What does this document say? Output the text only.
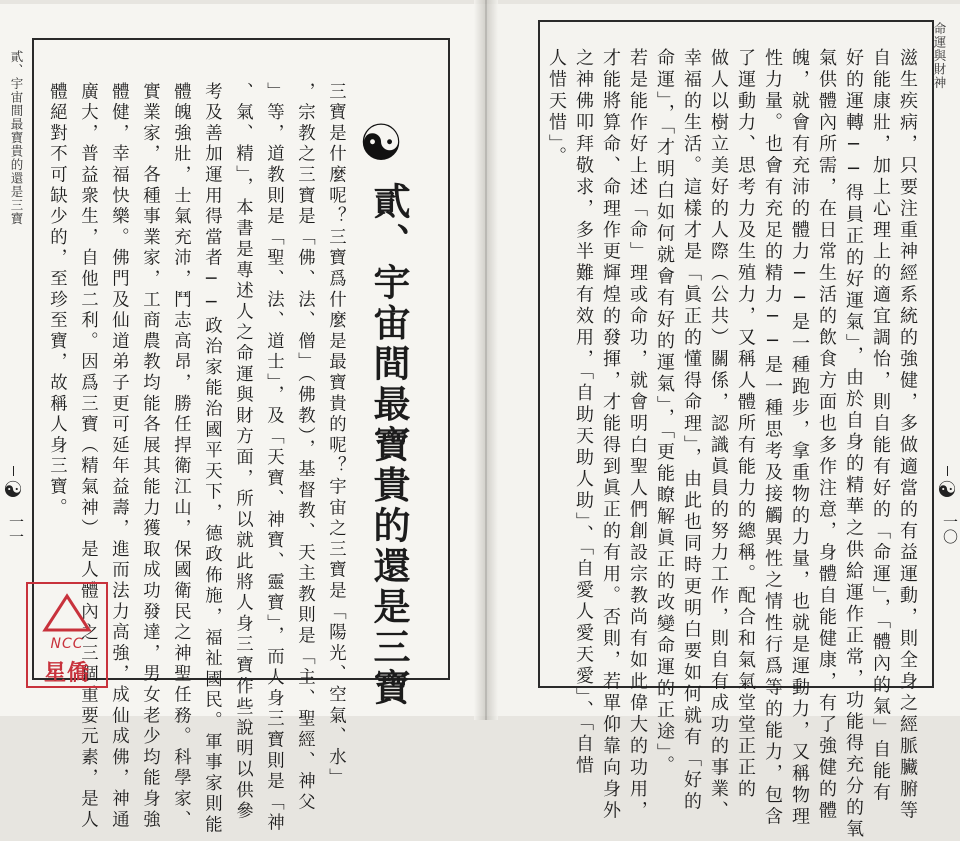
貳、宇宙間最寶貴的還是三寶	命運與財神
☯
一一
☯
一〇
三寶是什麼呢？三寶爲什麼是最寶貴的呢？宇宙之三寶是「陽光、空氣、水」
，宗教之三寶是「佛、法、僧」（佛教），基督教、天主教則是「主、聖經、神父
」等，道教則是「聖、法、道士」，及「天寶、神寶、靈寶」，而人身三寶則是「神
、氣、精」，本書是專述人之命運與財方面，所以就此將人身三寶作些說明以供參
考及善加運用得當者──政治家能治國平天下，德政佈施，福祉國民。軍事家則能
體魄強壯，士氣充沛，鬥志高昂，勝任捍衛江山，保國衛民之神聖任務。科學家、
實業家，各種事業家，工商農教均能各展其能力獲取成功發達，男女老少均能身強
體健，幸福快樂。佛門及仙道弟子更可延年益壽，進而法力高強，成仙成佛，神通
廣大，普益衆生，自他二利。因爲三寶（精氣神）是人體內之三個重要元素，是人
體絕對不可缺少的，至珍至寶，故稱人身三寶。	☯
貳、宇宙間最寶貴的還是三寶	滋生疾病，只要注重神經系統的強健，多做適當的有益運動，則全身之經脈臟腑等
自能康壯，加上心理上的適宜調怡，則自能有好的「命運」，「體內的氣」自能有
好的運轉──得員正的好運氣」，由於自身的精華之供給運作正常，功能得充分的氧
氣供體內所需，在日常生活的飲食方面也多作注意，身體自能健康，有了強健的體
魄，就會有充沛的體力──是一種跑步，拿重物的力量，也就是運動力，又稱物理
性力量。也會有充足的精力──是一種思考及接觸異性之情性行爲等的能力，包含
了運動力、思考力及生殖力，又稱人體所有能力的總稱。配合和氣氣堂堂正正的
做人以樹立美好的人際（公共）關係，認識眞員的努力工作，則自有成功的事業、
幸福的生活。這樣才是「眞正的懂得命理」，由此也同時更明白要如何就有「好的
命運」，「才明白如何就會有好的運氣」，「更能瞭解眞正的改變命運的正途」。
若是能作好上述「命」理或命功，就會明白聖人們創設宗教尚有如此偉大的功用，
才能將算命、命理作更輝煌的發揮，才能得到眞正的有用。否則，若單仰靠向身外
之神佛叩拜敬求，多半難有效用，「自助天助人助」、「自愛人愛天愛」、「自惜
人惜天惜」。
NCC
星僑
